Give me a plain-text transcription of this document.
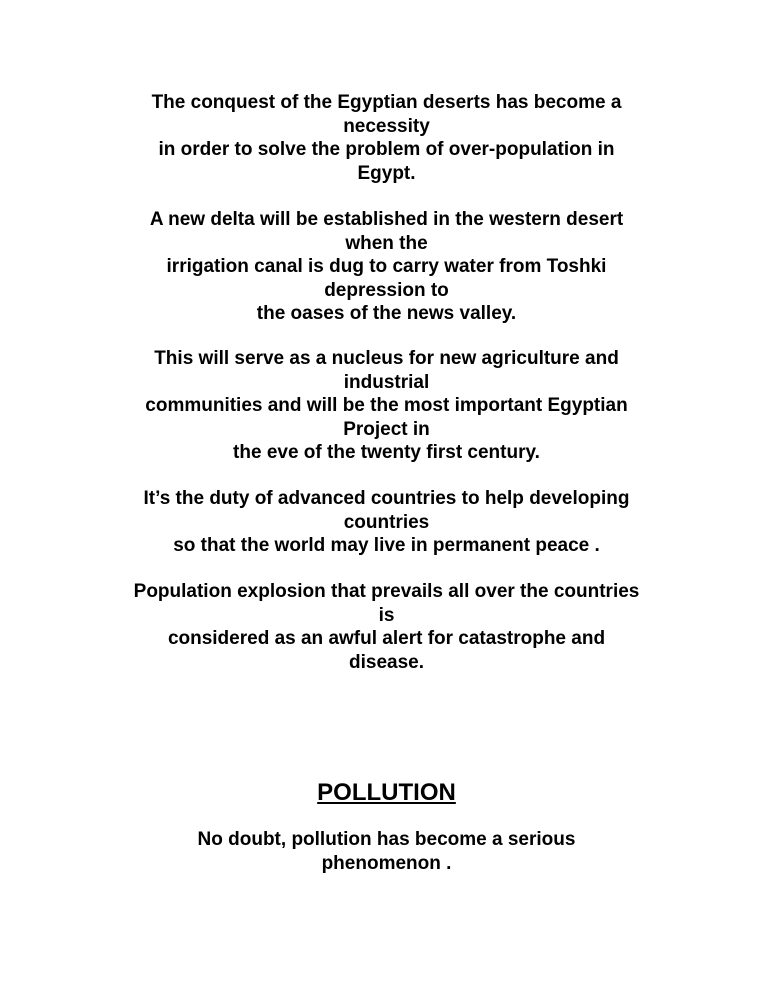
The conquest of the Egyptian deserts has become a
necessity
in order to solve the problem of over-population in
Egypt.
A new delta will be established in the western desert
when the
irrigation canal is dug to carry water from Toshki
depression to
the oases of the news valley.
This will serve as a nucleus for new agriculture and
industrial
communities and will be the most important Egyptian
Project in
the eve of the twenty first century.
It’s the duty of advanced countries to help developing
countries
so that the world may live in permanent peace .
Population explosion that prevails all over the countries
is
considered as an awful alert for catastrophe and
disease.
POLLUTION
No doubt, pollution has become a serious
phenomenon .
